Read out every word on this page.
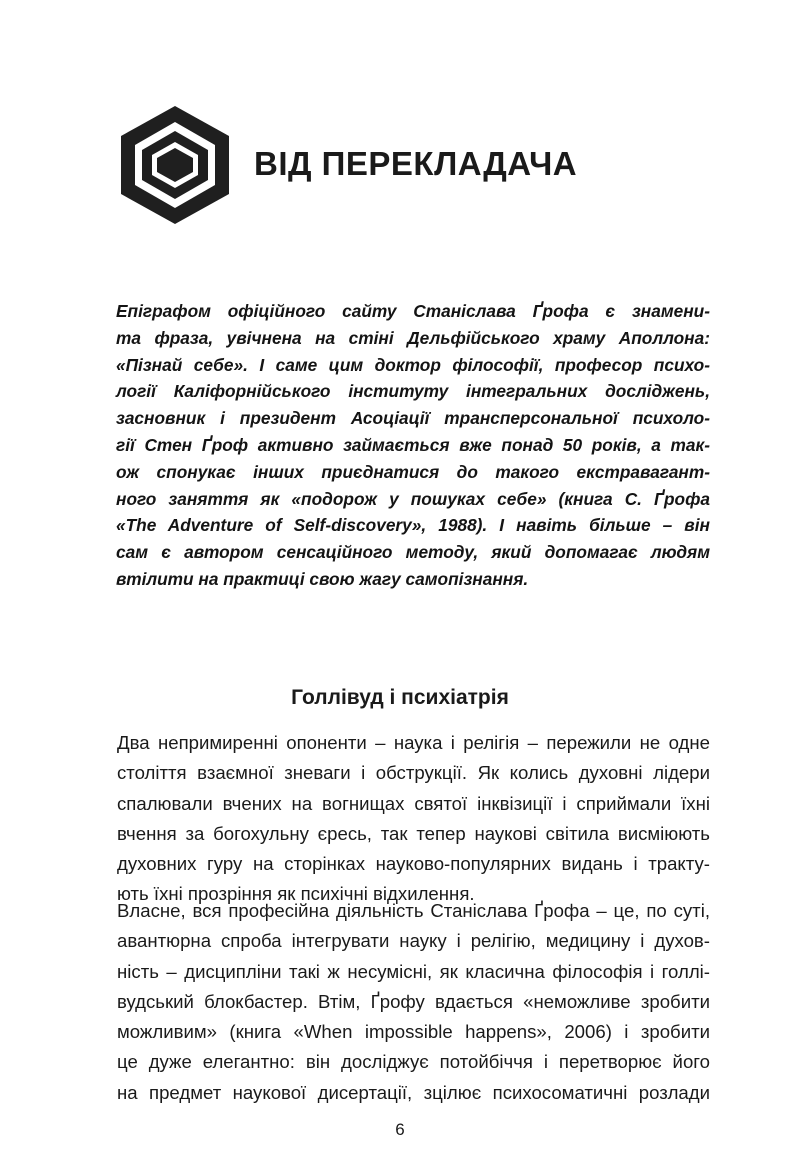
ВІД ПЕРЕКЛАДАЧА
Епіграфом офіційного сайту Станіслава Ґрофа є знамени-
та фраза, увічнена на стіні Дельфійського храму Аполлона:
«Пізнай себе». І саме цим доктор філософії, професор психо-
логії Каліфорнійського інституту інтегральних досліджень,
засновник і президент Асоціації трансперсональної психоло-
гії Стен Ґроф активно займається вже понад 50 років, а так-
ож спонукає інших приєднатися до такого екстравагант-
ного заняття як «подорож у пошуках себе» (книга С. Ґрофа
«The Adventure of Self-discovery», 1988). І навіть більше – він
сам є автором сенсаційного методу, який допомагає людям
втілити на практиці свою жагу самопізнання.
Голлівуд і психіатрія
Два непримиренні опоненти – наука і релігія – пережили не одне
століття взаємної зневаги і обструкції. Як колись духовні лідери
спалювали вчених на вогнищах святої інквізиції і сприймали їхні
вчення за богохульну єресь, так тепер наукові світила висміюють
духовних гуру на сторінках науково-популярних видань і тракту-
ють їхні прозріння як психічні відхилення.
Власне, вся професійна діяльність Станіслава Ґрофа – це, по суті,
авантюрна спроба інтегрувати науку і релігію, медицину і духов-
ність – дисципліни такі ж несумісні, як класична філософія і голлі-
вудський блокбастер. Втім, Ґрофу вдається «неможливе зробити
можливим» (книга «When impossible happens», 2006) і зробити
це дуже елегантно: він досліджує потойбіччя і перетворює його
на предмет наукової дисертації, зцілює психосоматичні розлади

6
